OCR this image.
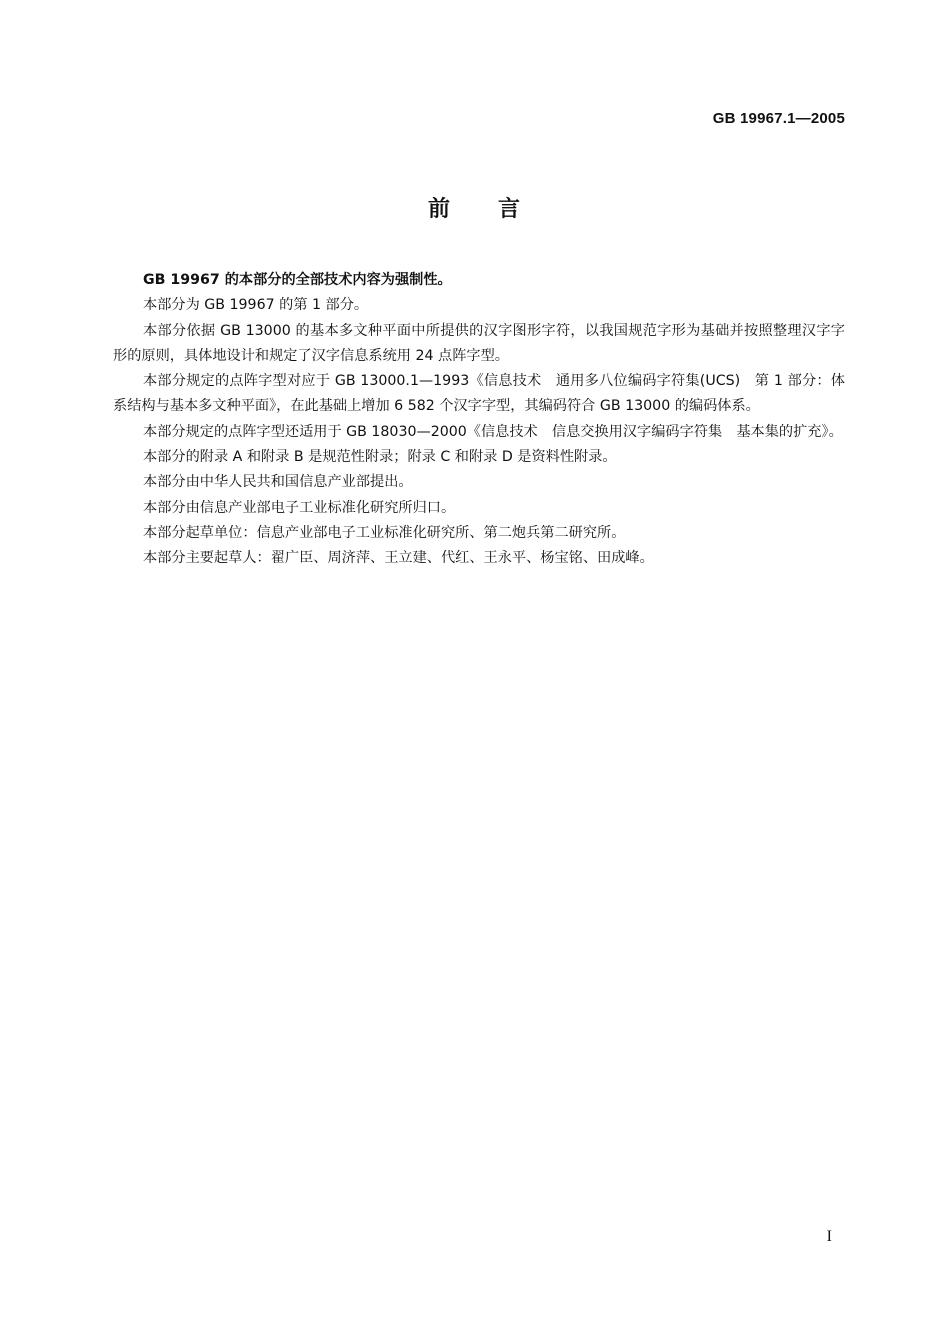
GB 19967.1—2005
前 言

GB 19967 的本部分的全部技术内容为强制性。

本部分为 GB 19967 的第 1 部分。

本部分依据 GB 13000 的基本多文种平面中所提供的汉字图形字符，以我国规范字形为基础并按照整理汉字字形的原则，具体地设计和规定了汉字信息系统用 24 点阵字型。

本部分规定的点阵字型对应于 GB 13000.1—1993《信息技术　通用多八位编码字符集(UCS)　第 1 部分：体系结构与基本多文种平面》，在此基础上增加 6 582 个汉字字型，其编码符合 GB 13000 的编码体系。

本部分规定的点阵字型还适用于 GB 18030—2000《信息技术　信息交换用汉字编码字符集　基本集的扩充》。

本部分的附录 A 和附录 B 是规范性附录；附录 C 和附录 D 是资料性附录。

本部分由中华人民共和国信息产业部提出。

本部分由信息产业部电子工业标准化研究所归口。

本部分起草单位：信息产业部电子工业标准化研究所、第二炮兵第二研究所。

本部分主要起草人：翟广臣、周济萍、王立建、代红、王永平、杨宝铭、田成峰。

I
